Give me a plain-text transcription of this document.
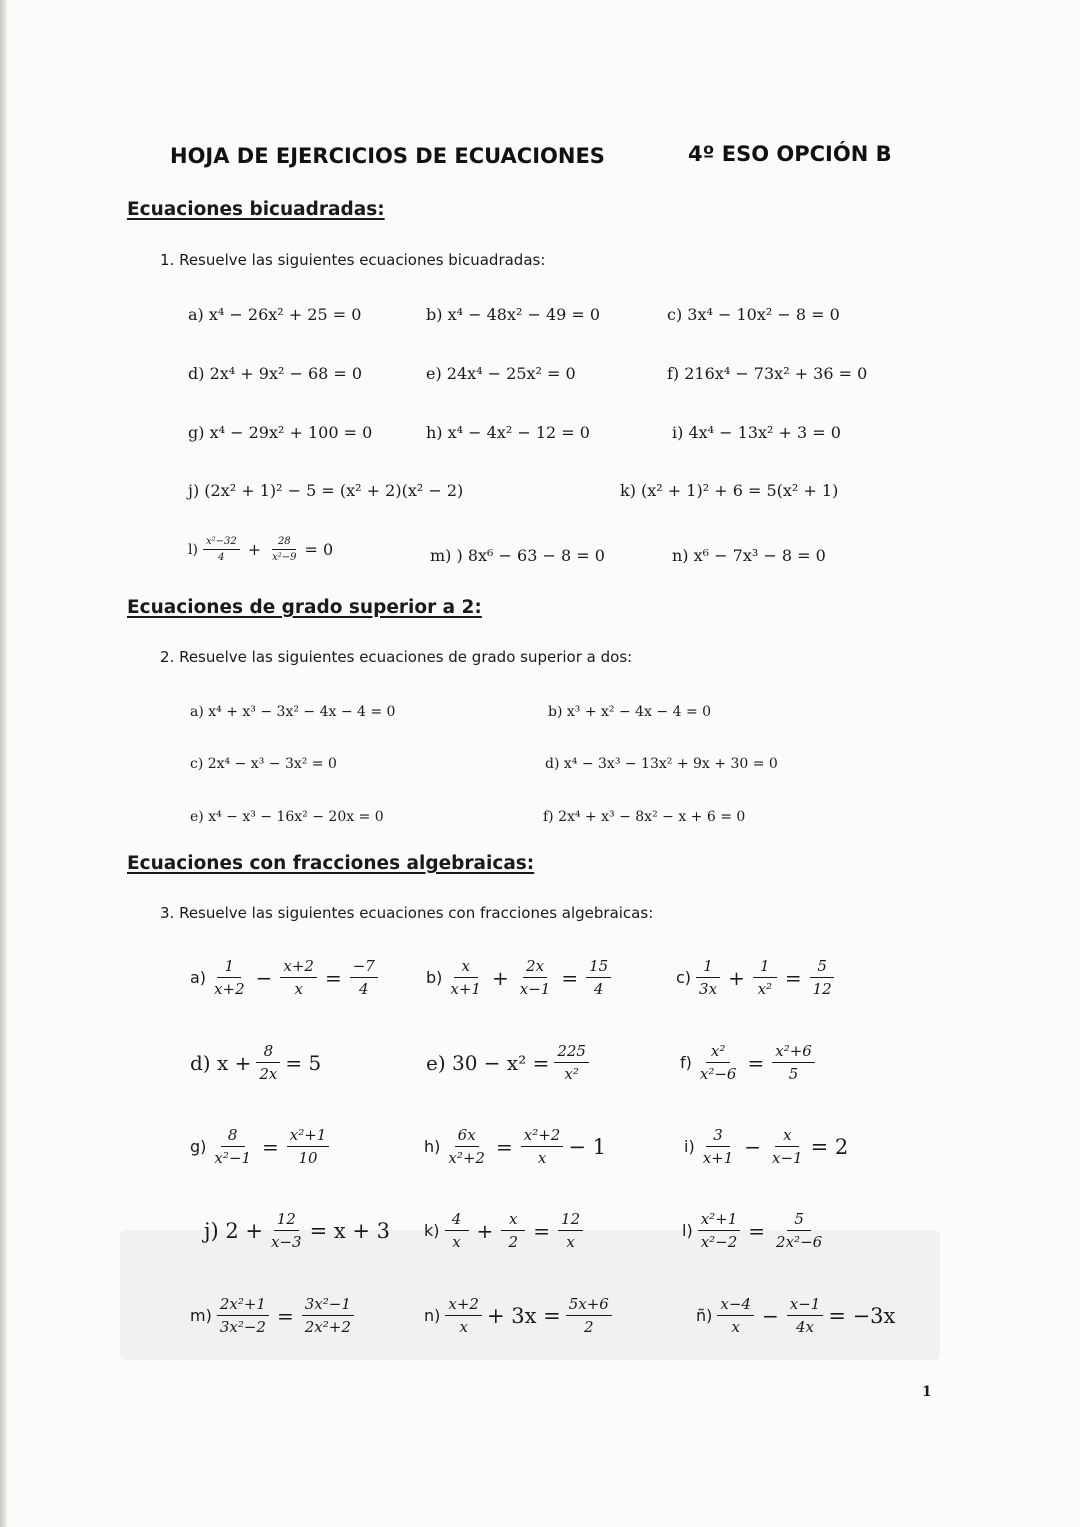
HOJA DE EJERCICIOS DE ECUACIONES	4º ESO OPCIÓN B
Ecuaciones bicuadradas:
1. Resuelve las siguientes ecuaciones bicuadradas:
a) x⁴ − 26x² + 25 = 0	b) x⁴ − 48x² − 49 = 0	c) 3x⁴ − 10x² − 8 = 0
d) 2x⁴ + 9x² − 68 = 0	e) 24x⁴ − 25x² = 0	f) 216x⁴ − 73x² + 36 = 0
g) x⁴ − 29x² + 100 = 0	h) x⁴ − 4x² − 12 = 0	i) 4x⁴ − 13x² + 3 = 0
j) (2x² + 1)² − 5 = (x² + 2)(x² − 2)	k) (x² + 1)² + 6 = 5(x² + 1)
$l) \frac{\text{x²−32}}{4} + \frac{28}{\text{x²−9}} = 0$	m) ) 8x⁶ − 63 − 8 = 0	n) x⁶ − 7x³ − 8 = 0
Ecuaciones de grado superior a 2:
2. Resuelve las siguientes ecuaciones de grado superior a dos:
a) x⁴ + x³ − 3x² − 4x − 4 = 0	b) x³ + x² − 4x − 4 = 0
c) 2x⁴ − x³ − 3x² = 0	d) x⁴ − 3x³ − 13x² + 9x + 30 = 0
e) x⁴ − x³ − 16x² − 20x = 0	f) 2x⁴ + x³ − 8x² − x + 6 = 0
Ecuaciones con fracciones algebraicas:
3. Resuelve las siguientes ecuaciones con fracciones algebraicas:
$a) \frac{1}{x+2} - \frac{x+2}{x} = \frac{-7}{4}$	$b) \frac{x}{x+1} + \frac{2x}{x-1} = \frac{15}{4}$	$c) \frac{1}{3x} + \frac{1}{\text{x²}} = \frac{5}{12}$
d) $x + \frac{8}{2x} = 5$	e) $30 - x^2 = \frac{225}{\text{x²}}$	$f) \frac{\text{x²}}{\text{x²−6}} = \frac{\text{x²+6}}{5}$
$g) \frac{8}{\text{x²−1}} = \frac{\text{x²+1}}{10}$	$h) \frac{6x}{\text{x²+2}} = \frac{\text{x²+2}}{x} - 1$	$i) \frac{3}{x+1} - \frac{x}{x-1} = 2$
j) $2 + \frac{12}{x-3} = x + 3$ $k) \frac{4}{x} + \frac{x}{2} = \frac{12}{x}$	$l) \frac{\text{x²+1}}{\text{x²−2}} = \frac{5}{\text{2x²−6}}$
$m) \frac{\text{2x²+1}}{\text{3x²−2}} = \frac{\text{3x²−1}}{\text{2x²+2}}$	$n) \frac{x+2}{x} + 3x = \frac{5x+6}{2}$	ñ) $\frac{x-4}{x} - \frac{x-1}{4x} = -3x$
1
